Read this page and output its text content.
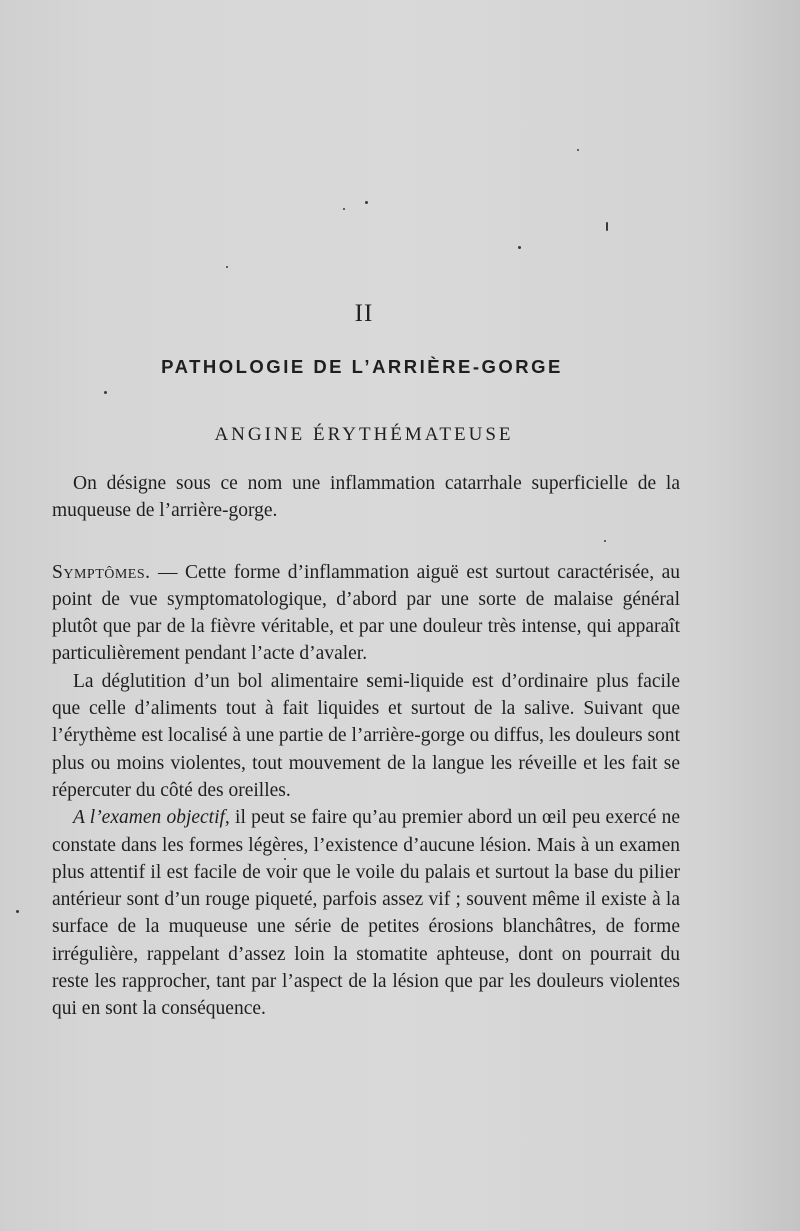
II
PATHOLOGIE DE L’ARRIÈRE-GORGE
ANGINE ÉRYTHÉMATEUSE

On désigne sous ce nom une inflammation catarrhale superficielle de la muqueuse de l’arrière-gorge.

Symptômes. — Cette forme d’inflammation aiguë est surtout caractérisée, au point de vue symptomatologique, d’abord par une sorte de malaise général plutôt que par de la fièvre véritable, et par une douleur très intense, qui apparaît particulièrement pendant l’acte d’avaler.

La déglutition d’un bol alimentaire semi-liquide est d’ordinaire plus facile que celle d’aliments tout à fait liquides et surtout de la salive. Suivant que l’érythème est localisé à une partie de l’arrière-gorge ou diffus, les douleurs sont plus ou moins violentes, tout mouvement de la langue les réveille et les fait se répercuter du côté des oreilles.

A l’examen objectif, il peut se faire qu’au premier abord un œil peu exercé ne constate dans les formes légères, l’existence d’aucune lésion. Mais à un examen plus attentif il est facile de voir que le voile du palais et surtout la base du pilier antérieur sont d’un rouge piqueté, parfois assez vif ; souvent même il existe à la surface de la muqueuse une série de petites érosions blanchâtres, de forme irrégulière, rappelant d’assez loin la stomatite aphteuse, dont on pourrait du reste les rapprocher, tant par l’aspect de la lésion que par les douleurs violentes qui en sont la conséquence.
